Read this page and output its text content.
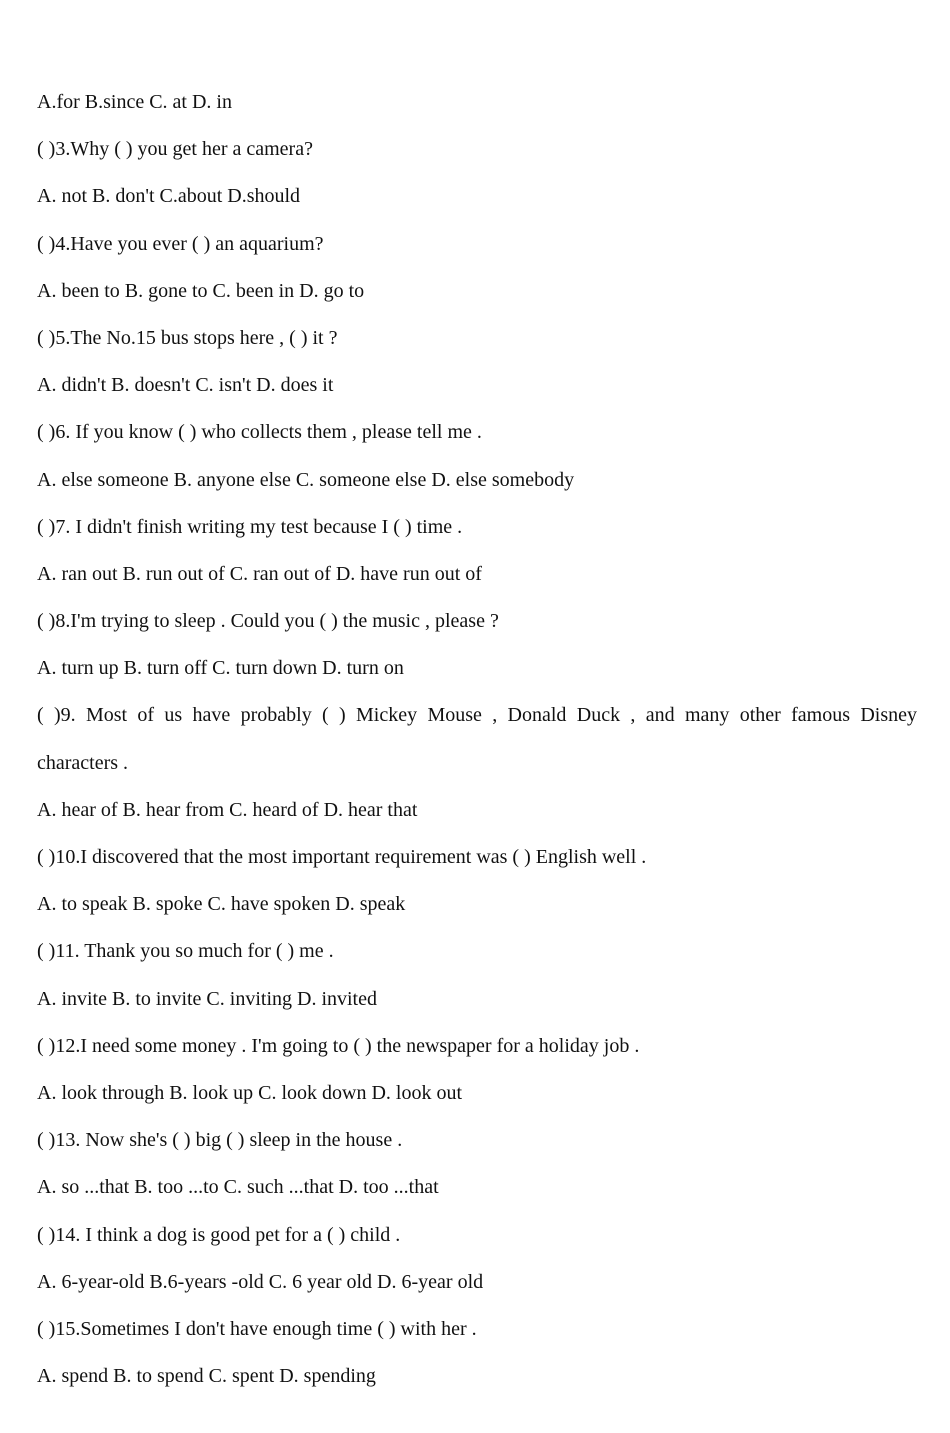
A.for B.since C. at D. in

( )3.Why ( ) you get her a camera?

A. not B. don't C.about D.should

( )4.Have you ever ( ) an aquarium?

A. been to B. gone to C. been in D. go to

( )5.The No.15 bus stops here , ( ) it ?

A. didn't B. doesn't C. isn't D. does it

( )6. If you know ( ) who collects them , please tell me .

A. else someone B. anyone else C. someone else D. else somebody

( )7. I didn't finish writing my test because I ( ) time .

A. ran out B. run out of C. ran out of D. have run out of

( )8.I'm trying to sleep . Could you ( ) the music , please ?

A. turn up B. turn off C. turn down D. turn on

( )9. Most of us have probably ( ) Mickey Mouse , Donald Duck , and many other famous Disney

characters .

A. hear of B. hear from C. heard of D. hear that

( )10.I discovered that the most important requirement was ( ) English well .

A. to speak B. spoke C. have spoken D. speak

( )11. Thank you so much for ( ) me .

A. invite B. to invite C. inviting D. invited

( )12.I need some money . I'm going to ( ) the newspaper for a holiday job .

A. look through B. look up C. look down D. look out

( )13. Now she's ( ) big ( ) sleep in the house .

A. so ...that B. too ...to C. such ...that D. too ...that

( )14. I think a dog is good pet for a ( ) child .

A. 6-year-old B.6-years -old C. 6 year old D. 6-year old

( )15.Sometimes I don't have enough time ( ) with her .

A. spend B. to spend C. spent D. spending
